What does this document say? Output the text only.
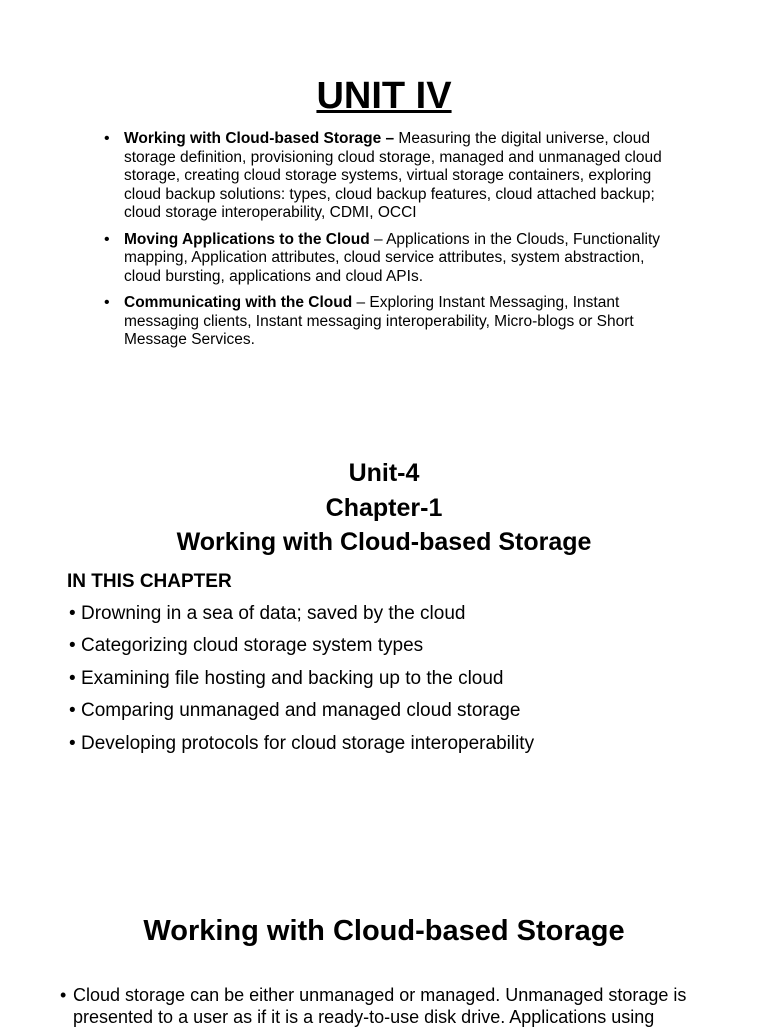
UNIT IV
• Working with Cloud-based Storage – Measuring the digital universe, cloud storage definition, provisioning cloud storage, managed and unmanaged cloud storage, creating cloud storage systems, virtual storage containers, exploring cloud backup solutions: types, cloud backup features, cloud attached backup; cloud storage interoperability, CDMI, OCCI
• Moving Applications to the Cloud – Applications in the Clouds, Functionality mapping, Application attributes, cloud service attributes, system abstraction, cloud bursting, applications and cloud APIs.
• Communicating with the Cloud – Exploring Instant Messaging, Instant messaging clients, Instant messaging interoperability, Micro-blogs or Short Message Services.
Unit-4
Chapter-1
Working with Cloud-based Storage
IN THIS CHAPTER
• Drowning in a sea of data; saved by the cloud
• Categorizing cloud storage system types
• Examining file hosting and backing up to the cloud
• Comparing unmanaged and managed cloud storage
• Developing protocols for cloud storage interoperability
Working with Cloud-based Storage
• Cloud storage can be either unmanaged or managed. Unmanaged storage is presented to a user as if it is a ready-to-use disk drive. Applications using
